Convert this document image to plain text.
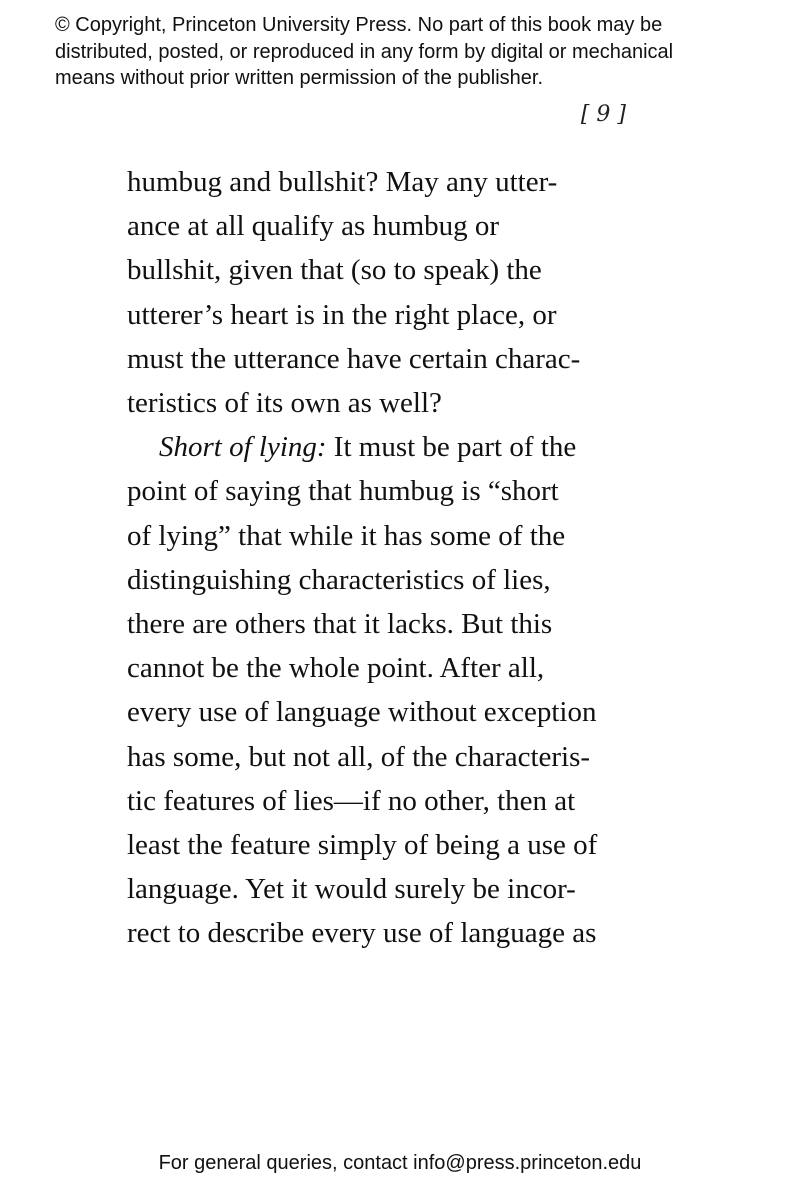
© Copyright, Princeton University Press. No part of this book may be
distributed, posted, or reproduced in any form by digital or mechanical
means without prior written permission of the publisher.
[ 9 ]
humbug and bullshit? May any utter-
ance at all qualify as humbug or
bullshit, given that (so to speak) the
utterer’s heart is in the right place, or
must the utterance have certain charac-
teristics of its own as well?
Short of lying: It must be part of the
point of saying that humbug is “short
of lying” that while it has some of the
distinguishing characteristics of lies,
there are others that it lacks. But this
cannot be the whole point. After all,
every use of language without exception
has some, but not all, of the characteris-
tic features of lies—if no other, then at
least the feature simply of being a use of
language. Yet it would surely be incor-
rect to describe every use of language as
For general queries, contact info@press.princeton.edu
